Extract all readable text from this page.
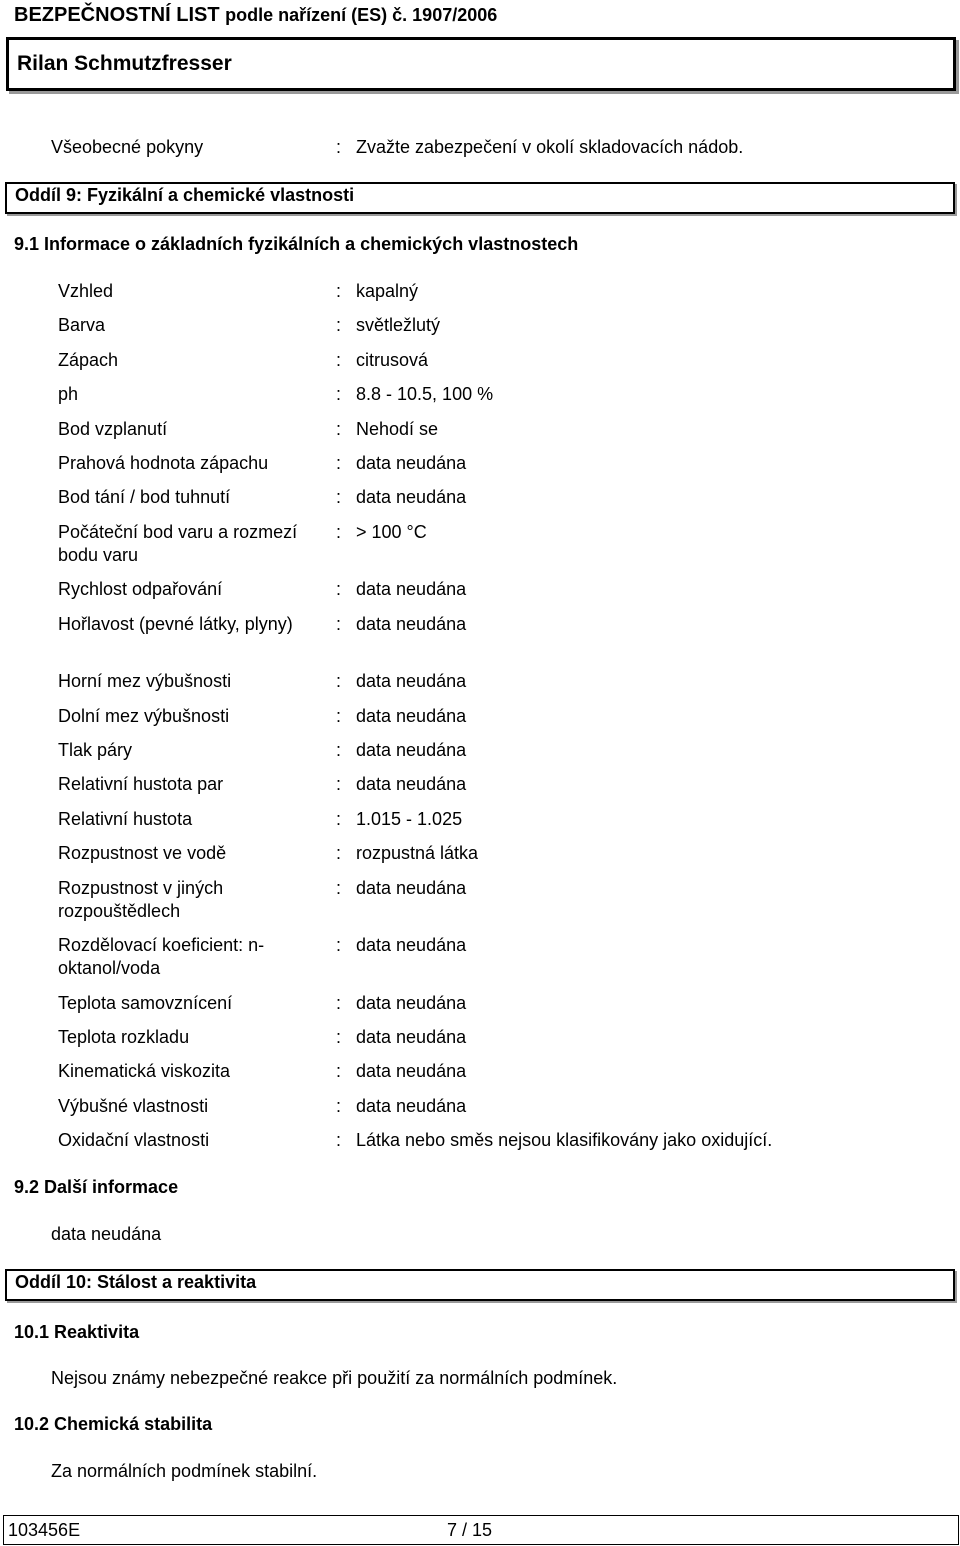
BEZPEČNOSTNÍ LIST podle nařízení (ES) č. 1907/2006
Rilan Schmutzfresser
Všeobecné pokyny	: Zvažte zabezpečení v okolí skladovacích nádob.
Oddíl 9: Fyzikální a chemické vlastnosti
9.1 Informace o základních fyzikálních a chemických vlastnostech
Vzhled	: kapalný
Barva	: světležlutý
Zápach	: citrusová
ph	: 8.8 - 10.5, 100 %
Bod vzplanutí	: Nehodí se
Prahová hodnota zápachu	: data neudána
Bod tání / bod tuhnutí	: data neudána
Počáteční bod varu a rozmezí bodu varu
: > 100 °C
Rychlost odpařování	: data neudána
Hořlavost (pevné látky, plyny)	: data neudána
Horní mez výbušnosti	: data neudána
Dolní mez výbušnosti	: data neudána
Tlak páry	: data neudána
Relativní hustota par	: data neudána
Relativní hustota	: 1.015 - 1.025
Rozpustnost ve vodě	: rozpustná látka
Rozpustnost v jiných rozpouštědlech
: data neudána
Rozdělovací koeficient: n-oktanol/voda
: data neudána
Teplota samovznícení	: data neudána
Teplota rozkladu	: data neudána
Kinematická viskozita	: data neudána
Výbušné vlastnosti	: data neudána
Oxidační vlastnosti	: Látka nebo směs nejsou klasifikovány jako oxidující.
9.2 Další informace
data neudána
Oddíl 10: Stálost a reaktivita
10.1 Reaktivita
Nejsou známy nebezpečné reakce při použití za normálních podmínek.
10.2 Chemická stabilita
Za normálních podmínek stabilní.
103456E	7 / 15
